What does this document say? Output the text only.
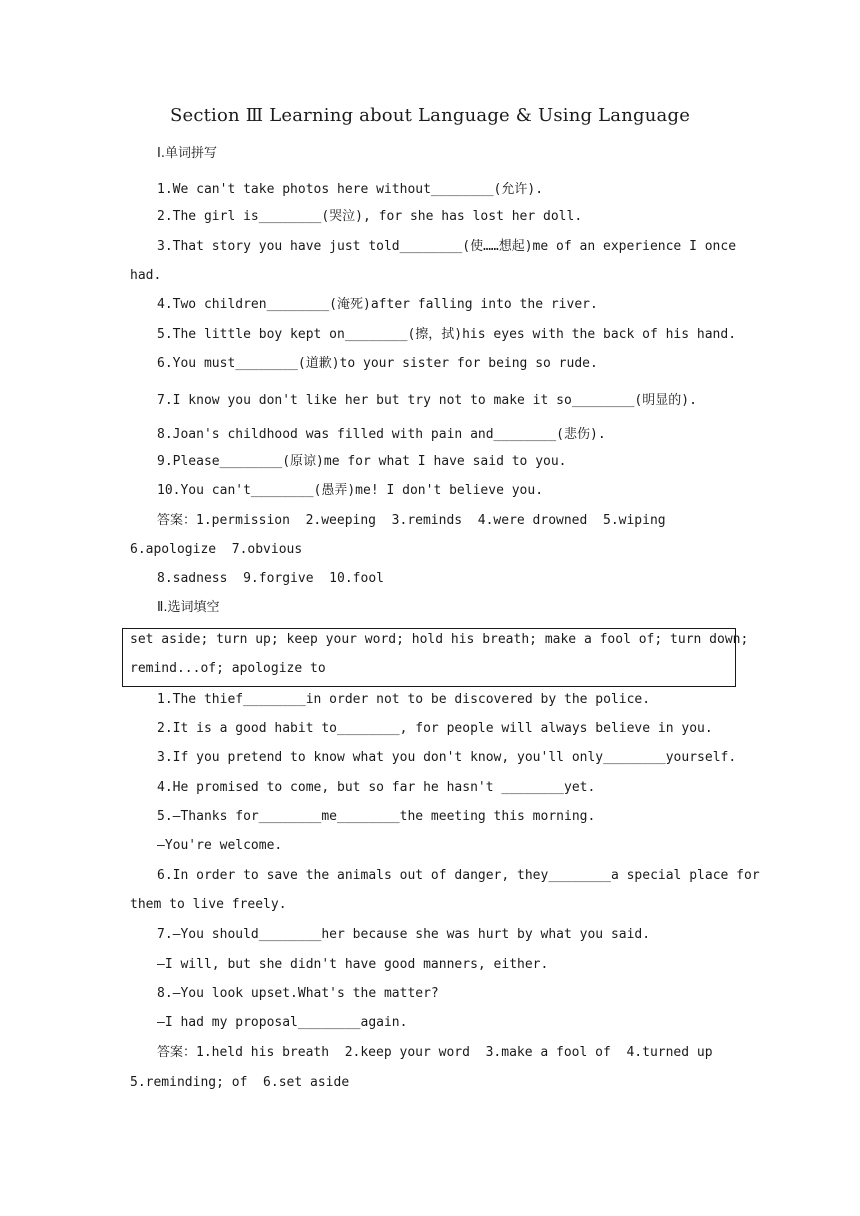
Section Ⅲ Learning about Language & Using Language
Ⅰ.单词拼写
1.We can't take photos here without________(允许).
2.The girl is________(哭泣), for she has lost her doll.
3.That story you have just told________(使……想起)me of an experience I once
had.
4.Two children________(淹死)after falling into the river.
5.The little boy kept on________(擦，拭)his eyes with the back of his hand.
6.You must________(道歉)to your sister for being so rude.
7.I know you don't like her but try not to make it so________(明显的).
8.Joan's childhood was filled with pain and________(悲伤).
9.Please________(原谅)me for what I have said to you.
10.You can't________(愚弄)me! I don't believe you.
答案：1.permission  2.weeping  3.reminds  4.were drowned  5.wiping
6.apologize  7.obvious
8.sadness  9.forgive  10.fool
Ⅱ.选词填空
set aside; turn up; keep your word; hold his breath; make a fool of; turn down;
remind...of; apologize to
1.The thief________in order not to be discovered by the police.
2.It is a good habit to________, for people will always believe in you.
3.If you pretend to know what you don't know, you'll only________yourself.
4.He promised to come, but so far he hasn't ________yet.
5.—Thanks for________me________the meeting this morning.
—You're welcome.
6.In order to save the animals out of danger, they________a special place for
them to live freely.
7.—You should________her because she was hurt by what you said.
—I will, but she didn't have good manners, either.
8.—You look upset.What's the matter?
—I had my proposal________again.
答案：1.held his breath  2.keep your word  3.make a fool of  4.turned up
5.reminding; of  6.set aside
